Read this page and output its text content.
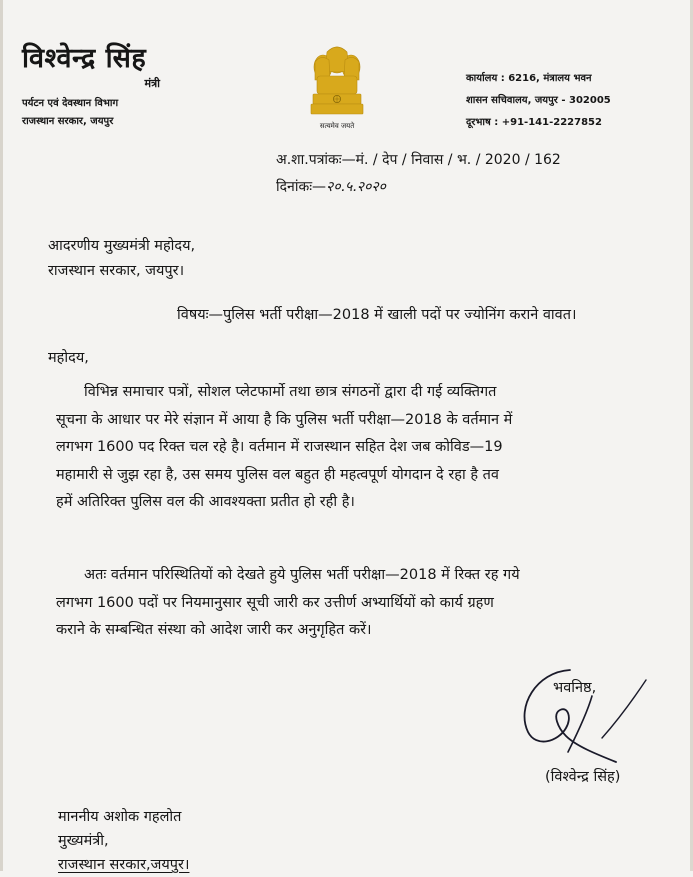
विश्वेन्द्र सिंह
मंत्री
पर्यटन एवं देवस्थान विभाग
राजस्थान सरकार, जयपुर	सत्यमेव जयते
कार्यालय : 6216, मंत्रालय भवन
शासन सचिवालय, जयपुर - 302005
दूरभाष : +91-141-2227852
अ.शा.पत्रांकः—मं. / देप / निवास / भ. / 2020 / 162
दिनांकः—२०.५.२०२०
आदरणीय मुख्यमंत्री महोदय,
राजस्थान सरकार, जयपुर।
विषयः—पुलिस भर्ती परीक्षा—2018 में खाली पदों पर ज्योनिंग कराने वावत।
महोदय,
विभिन्न समाचार पत्रों, सोशल प्लेटफार्मो तथा छात्र संगठनों द्वारा दी गई व्यक्तिगत
सूचना के आधार पर मेरे संज्ञान में आया है कि पुलिस भर्ती परीक्षा—2018 के वर्तमान में
लगभग 1600 पद रिक्त चल रहे है। वर्तमान में राजस्थान सहित देश जब कोविड—19
महामारी से जुझ रहा है, उस समय पुलिस वल बहुत ही महत्वपूर्ण योगदान दे रहा है तव
हमें अतिरिक्त पुलिस वल की आवश्यक्ता प्रतीत हो रही है।
अतः वर्तमान परिस्थितियों को देखते हुये पुलिस भर्ती परीक्षा—2018 में रिक्त रह गये
लगभग 1600 पदों पर नियमानुसार सूची जारी कर उत्तीर्ण अभ्यार्थियों को कार्य ग्रहण
कराने के सम्बन्धित संस्था को आदेश जारी कर अनुगृहित करें।
भवनिष्ठ,
(विश्वेन्द्र सिंह)
माननीय अशोक गहलोत
मुख्यमंत्री,
राजस्थान सरकार,जयपुर।
